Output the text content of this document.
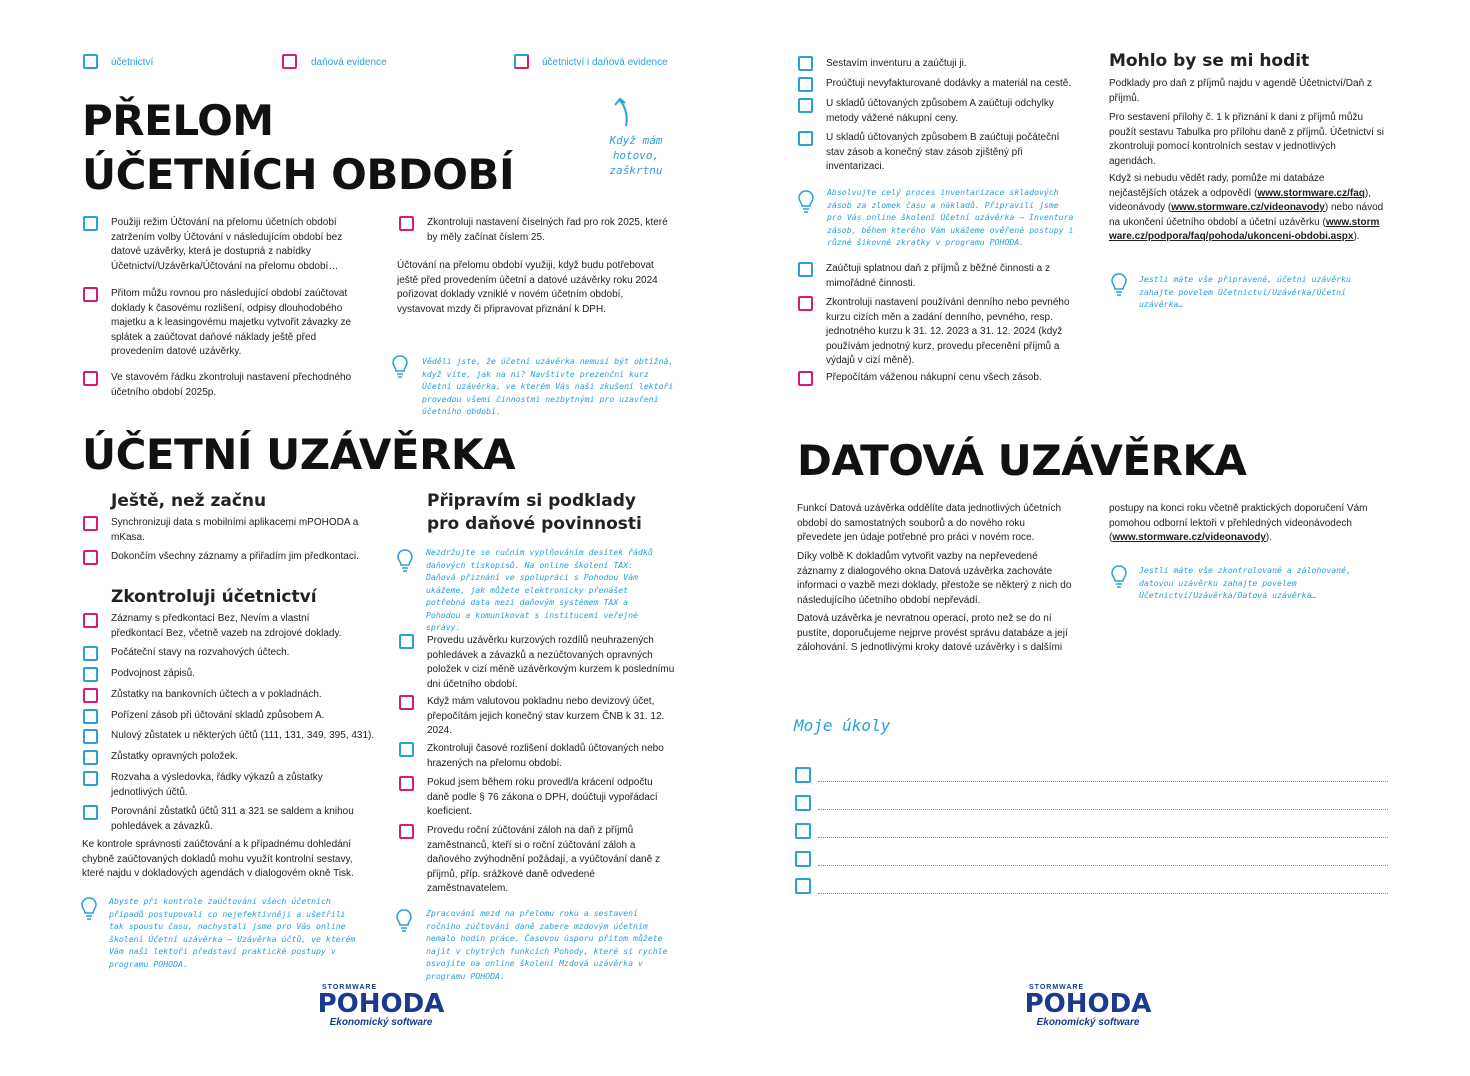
účetnictví	daňová evidence	účetnictví i daňová evidence
Když mám hotovo, zaškrtnu
PŘELOM
ÚČETNÍCH OBDOBÍ
Použiji režim Účtování na přelomu účetních období zatržením volby Účtování v následujícím období bez datové uzávěrky, která je dostupná z nabídky Účetnictví/Uzávěrka/Účtování na přelomu období…
Přitom můžu rovnou pro následující období zaúčtovat doklady k časovému rozlišení, odpisy dlouhodobého majetku a k leasingovému majetku vytvořit závazky ze splátek a zaúčtovat daňové náklady ještě před provedením datové uzávěrky.
Ve stavovém řádku zkontroluji nastavení přechodného účetního období 2025p.
Zkontroluji nastavení číselných řad pro rok 2025, které by měly začínat číslem 25.
Účtování na přelomu období využiji, když budu potřebovat ještě před provedením účetní a datové uzávěrky roku 2024 pořizovat doklady vzniklé v novém účetním období, vystavovat mzdy či připravovat přiznání k DPH.
Věděli jste, že účetní uzávěrka nemusí být obtížná, když víte, jak na ni? Navštivte prezenční kurz Účetní uzávěrka, ve kterém Vás naši zkušení lektoři provedou všemi činnostmi nezbytnými pro uzavření účetního období.
ÚČETNÍ UZÁVĚRKA
Ještě, než začnu
Synchronizuji data s mobilními aplikacemi mPOHODA a mKasa.
Dokončím všechny záznamy a přiřadím jim předkontaci.
Zkontroluji účetnictví
Záznamy s předkontací Bez, Nevím a vlastní předkontací Bez, včetně vazeb na zdrojové doklady.
Počáteční stavy na rozvahových účtech.
Podvojnost zápisů.
Zůstatky na bankovních účtech a v pokladnách.
Pořízení zásob při účtování skladů způsobem A.
Nulový zůstatek u některých účtů (111, 131, 349, 395, 431).
Zůstatky opravných položek.
Rozvaha a výsledovka, řádky výkazů a zůstatky jednotlivých účtů.
Porovnání zůstatků účtů 311 a 321 se saldem a knihou pohledávek a závazků.
Ke kontrole správnosti zaúčtování a k případnému dohledání chybně zaúčtovaných dokladů mohu využít kontrolní sestavy, které najdu v dokladových agendách v dialogovém okně Tisk.
Abyste při kontrole zaúčtování všech účetních případů postupovali co nejefektivněji a ušetřili tak spoustu času, nachystali jsme pro Vás online školení Účetní uzávěrka – Uzávěrka účtů, ve kterém Vám naši lektoři představí praktické postupy v programu POHODA.
Připravím si podklady
pro daňové povinnosti
Nezdržujte se ručním vyplňováním desítek řádků daňových tiskopisů. Na online školení TAX: Daňová přiznání ve spolupráci s Pohodou Vám ukážeme, jak můžete elektronicky přenášet potřebná data mezi daňovým systémem TAX a Pohodou a komunikovat s institucemi veřejné správy.
Provedu uzávěrku kurzových rozdílů neuhrazených pohledávek a závazků a nezúčtovaných opravných položek v cizí měně uzávěrkovým kurzem k poslednímu dni účetního období.
Když mám valutovou pokladnu nebo devizový účet, přepočítám jejich konečný stav kurzem ČNB k 31. 12. 2024.
Zkontroluji časové rozlišení dokladů účtovaných nebo hrazených na přelomu období.
Pokud jsem během roku provedl/a krácení odpočtu daně podle § 76 zákona o DPH, doúčtuji vypořádací koeficient.
Provedu roční zúčtování záloh na daň z příjmů zaměstnanců, kteří si o roční zúčtování záloh a daňového zvýhodnění požádají, a vyúčtování daně z příjmů, příp. srážkové daně odvedené zaměstnavatelem.
Zpracování mezd na přelomu roku a sestavení ročního zúčtování daně zabere mzdovým účetním nemalo hodin práce. Časovou úsporu přitom můžete najít v chytrých funkcích Pohody, které si rychle osvojíte na online školení Mzdová uzávěrka v programu POHODA.
STORMWARE
POHODA
Ekonomický software
Sestavím inventuru a zaúčtuji ji.
Proúčtuji nevyfakturované dodávky a materiál na cestě.
U skladů účtovaných způsobem A zaúčtuji odchylky metody vážené nákupní ceny.
U skladů účtovaných způsobem B zaúčtuji počáteční stav zásob a konečný stav zásob zjištěný při inventarizaci.
Absolvujte celý proces inventarizace skladových zásob za zlomek času a nákladů. Připravili jsme pro Vás online školení Účetní uzávěrka – Inventura zásob, během kterého Vám ukážeme ověřené postupy i různé šikovné zkratky v programu POHODA.
Zaúčtuji splatnou daň z příjmů z běžné činnosti a z mimořádné činnosti.
Zkontroluji nastavení používání denního nebo pevného kurzu cizích měn a zadání denního, pevného, resp. jednotného kurzu k 31. 12. 2023 a 31. 12. 2024 (když používám jednotný kurz, provedu přecenění příjmů a výdajů v cizí měně).
Přepočítám váženou nákupní cenu všech zásob.
Mohlo by se mi hodit
Podklady pro daň z příjmů najdu v agendě Účetnictví/Daň z příjmů.
Pro sestavení přílohy č. 1 k přiznání k dani z příjmů můžu použít sestavu Tabulka pro přílohu daně z příjmů. Účetnictví si zkontroluji pomocí kontrolních sestav v jednotlivých agendách.
Když si nebudu vědět rady, pomůže mi databáze nejčastějších otázek a odpovědí (www.stormware.cz/faq), videonávody (www.stormware.cz/videonavody) nebo návod na ukončení účetního období a účetní uzávěrku (www.stormware.cz/podpora/faq/pohoda/ukonceni-obdobi.aspx).
Jestli máte vše připravené, účetní uzávěrku zahajte povelem Účetnictví/Uzávěrka/Účetní uzávěrka…
DATOVÁ UZÁVĚRKA
Funkcí Datová uzávěrka oddělíte data jednotlivých účetních období do samostatných souborů a do nového roku převedete jen údaje potřebné pro práci v novém roce.
Díky volbě K dokladům vytvořit vazby na nepřevedené záznamy z dialogového okna Datová uzávěrka zachováte informaci o vazbě mezi doklady, přestože se některý z nich do následujícího účetního období nepřevádí.
Datová uzávěrka je nevratnou operací, proto než se do ní pustíte, doporučujeme nejprve provést správu databáze a její zálohování. S jednotlivými kroky datové uzávěrky i s dalšími
postupy na konci roku včetně praktických doporučení Vám pomohou odborní lektoři v přehledných videonávodech (www.stormware.cz/videonavody).
Jestli máte vše zkontrolované a zálohované, datovou uzávěrku zahajte povelem Účetnictví/Uzávěrka/Datová uzávěrka…
Moje úkoly
STORMWARE
POHODA
Ekonomický software
